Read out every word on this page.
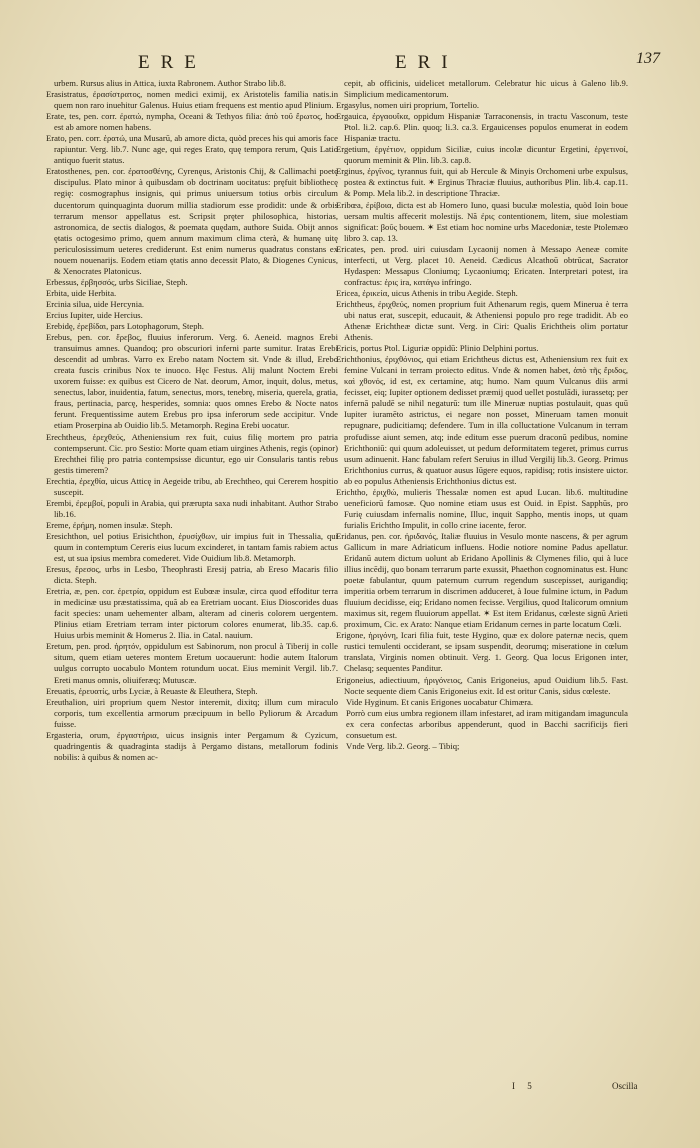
ERE	ERI	137

urbem. Rursus alius in Attica, iuxta Rabronem. Author Strabo lib.8.

Erasistratus, ἐρασίστρατος, nomen medici eximij, ex Aristotelis familia natis.in quem non raro inuehitur Galenus. Huius etiam frequens est mentio apud Plinium.

Erate, tes, pen. corr. ἐρατώ, nympha, Oceani & Tethyos filia: ἀπὸ τοῦ ἔρωτος, hoc est ab amore nomen habens.

Erato, pen. corr. ἐρατώ, una Musarū, ab amore dicta, quòd preces his qui amoris face rapiuntur. Verg. lib.7. Nunc age, qui reges Erato, quę tempora rerum, Quis Latio antiquo fuerit status.

Eratosthenes, pen. cor. ἐρατοσθένης, Cyrenęus, Aristonis Chij, & Callimachi poetę discipulus. Plato minor à quibusdam ob doctrinam uocitatus: pręfuit bibliothecę regię: cosmographus insignis, qui primus uniuersum totius orbis circulum ducentorum quinquaginta duorum millia stadiorum esse prodidit: unde & orbis terrarum mensor appellatus est. Scripsit pręter philosophica, historias, astronomica, de sectis dialogos, & poemata quędam, authore Suida. Obijt annos ętatis octogesimo primo, quem annum maximum clima cterà, & humanę uitę periculosissimum ueteres crediderunt. Est enim numerus quadratus constans ex nouem nouenarijs. Eodem etiam ętatis anno decessit Plato, & Diogenes Cynicus, & Xenocrates Platonicus.

Erbessus, ἐρβησσός, urbs Siciliae, Steph.

Erbita, uide Herbita.

Ercinia silua, uide Hercynia.

Ercius Iupiter, uide Hercius.

Erebidę, ἐρεβίδαι, pars Lotophagorum, Steph.

Erebus, pen. cor. ἔρεβος, fluuius inferorum. Verg. 6. Aeneid. magnos Erebi transuimus amnes. Quandoq; pro obscuriori inferni parte sumitur. Iratas Erebi descendit ad umbras. Varro ex Erebo natam Noctem sit. Vnde & illud, Erebo creata fuscis crinibus Nox te inuoco. Hęc Festus. Alij malunt Noctem Erebi uxorem fuisse: ex quibus est Cicero de Nat. deorum, Amor, inquit, dolus, metus, senectus, labor, inuidentia, fatum, senectus, mors, tenebrę, miseria, querela, gratia, fraus, pertinacia, parcę, hesperides, somnia: quos omnes Erebo & Nocte natos ferunt. Frequentissime autem Erebus pro ipsa inferorum sede accipitur. Vnde etiam Proserpina ab Ouidio lib.5. Metamorph. Regina Erebi uocatur.

Erechtheus, ἐρεχθεύς, Atheniensium rex fuit, cuius filię mortem pro patria contempserunt. Cic. pro Sestio: Morte quam etiam uirgines Athenis, regis (opinor) Erechthei filię pro patria contempsisse dicuntur, ego uir Consularis tantis rebus gestis timerem?

Erechtia, ἐρεχθία, uicus Atticę in Aegeide tribu, ab Erechtheo, qui Cererem hospitio suscepit.

Erembi, ἐρεμβοί, populi in Arabia, qui prærupta saxa nudi inhabitant. Author Strabo lib.16.

Ereme, ἐρήμη, nomen insulæ. Steph.

Eresichthon, uel potius Erisichthon, ἐρυσίχθων, uir impius fuit in Thessalia, qui quum in contemptum Cereris eius lucum excinderet, in tantam famis rabiem actus est, ut sua ipsius membra comederet. Vide Ouidium lib.8. Metamorph.

Eresus, ἔρεσος, urbs in Lesbo, Theophrasti Eresij patria, ab Ereso Macaris filio dicta. Steph.

Eretria, æ, pen. cor. ἐρετρία, oppidum est Eubœæ insulæ, circa quod effoditur terra in medicinæ usu præstatissima, quã ab ea Eretriam uocant. Eius Dioscorides duas facit species: unam uehementer albam, alteram ad cineris colorem uergentem. Plinius etiam Eretriam terram inter pictorum colores enumerat, lib.35. cap.6. Huius urbis meminit & Homerus 2. Ilia. in Catal. nauium.

Eretum, pen. prod. ἠρητόν, oppidulum est Sabinorum, non procul à Tiberij in colle situm, quem etiam ueteres montem Eretum uocauerunt: hodie autem Italorum uulgus corrupto uocabulo Montem rotundum uocat. Eius meminit Vergil. lib.7. Ereti manus omnis, oliuiferæq; Mutuscæ.

Ereuatis, ἐρευατίς, urbs Lyciæ, à Reuaste & Eleuthera, Steph.

Ereuthalion, uiri proprium quem Nestor interemit, dixitq; illum cum miraculo corporis, tum excellentia armorum præcipuum in bello Pyliorum & Arcadum fuisse.

Ergasteria, orum, ἐργαστήρια, uicus insignis inter Pergamum & Cyzicum, quadringentis & quadraginta stadijs à Pergamo distans, metallorum fodinis nobilis: à quibus & nomen ac-

cepit, ab officinis, uidelicet metallorum. Celebratur hic uicus à Galeno lib.9. Simplicium medicamentorum.

Ergasylus, nomen uiri proprium, Tortelio.

Ergauica, ἐργαουΐκα, oppidum Hispaniæ Tarraconensis, in tractu Vasconum, teste Ptol. li.2. cap.6. Plin. quoq; li.3. ca.3. Ergauicenses populos enumerat in eodem Hispaniæ tractu.

Ergetium, ἐργέτιον, oppidum Siciliæ, cuius incolæ dicuntur Ergetini, ἐργετινοί, quorum meminit & Plin. lib.3. cap.8.

Erginus, ἐργῖνος, tyrannus fuit, qui ab Hercule & Minyis Orchomeni urbe expulsus, postea & extinctus fuit. ✶ Erginus Thraciæ fluuius, authoribus Plin. lib.4. cap.11. & Pomp. Mela lib.2. in descriptione Thraciæ.

Eribœa, ἐρίβοια, dicta est ab Homero Iuno, quasi buculæ molestia, quòd Ioin boue uersam multis affecerit molestijs. Nã ἐρις contentionem, litem, siue molestiam significat: βοῦς bouem. ✶ Est etiam hoc nomine urbs Macedoniæ, teste Ptolemæo libro 3. cap. 13.

Ericates, pen. prod. uiri cuiusdam Lycaonij nomen à Messapo Aeneæ comite interfecti, ut Verg. placet 10. Aeneid. Cædicus Alcathoū obtrūcat, Sacrator Hydaspen: Messapus Cloniumq; Lycaoniumq; Ericaten. Interpretari potest, ira confractus: ἐρις ira, κατάγω infringo.

Ericea, ἐρικεία, uicus Athenis in tribu Aegide. Steph.

Erichtheus, ἐριχθεύς, nomen proprium fuit Athenarum regis, quem Minerua è terra ubi natus erat, suscepit, educauit, & Atheniensi populo pro rege tradidit. Ab eo Athenæ Erichtheæ dictæ sunt. Verg. in Ciri: Qualis Erichtheis olim portatur Athenis.

Ericis, portus Ptol. Liguriæ oppidū: Plinio Delphini portus.

Erichthonius, ἐριχθόνιος, qui etiam Erichtheus dictus est, Atheniensium rex fuit ex femine Vulcani in terram proiecto editus. Vnde & nomen habet, ἀπὸ τῆς ἔριδος, καὶ χθονός, id est, ex certamine, atq; humo. Nam quum Vulcanus diis armi fecisset, eiq; Iupiter optionem dedisset præmij quod uellet postulādi, iurassetq; per infernā paludē se nihil negaturū: tum ille Mineruæ nuptias postulauit, quas quū Iupiter iuramēto astrictus, ei negare non posset, Mineruam tamen monuit repugnare, pudicitiamq; defendere. Tum in illa colluctatione Vulcanum in terram profudisse aiunt semen, atq; inde editum esse puerum draconū pedibus, nomine Erichthoniū: qui quum adoleuisset, ut pedum deformitatem tegeret, primus currus usum adinuenit. Hanc fabulam refert Seruius in illud Vergilij lib.3. Georg. Primus Erichthonius currus, & quatuor ausus Iūgere equos, rapidisq; rotis insistere uictor. ab eo populus Atheniensis Erichthonius dictus est.

Erichtho, ἐριχθώ, mulieris Thessalæ nomen est apud Lucan. lib.6. multitudine ueneficiorū famosæ. Quo nomine etiam usus est Ouid. in Epist. Sapphūs, pro Furię cuiusdam infernalis nomine, Illuc, inquit Sappho, mentis inops, ut quam furialis Erichtho Impulit, in collo crine iacente, feror.

Eridanus, pen. cor. ἠριδανός, Italiæ fluuius in Vesulo monte nascens, & per agrum Gallicum in mare Adriaticum influens. Hodie notiore nomine Padus apellatur. Eridanū autem dictum uolunt ab Eridano Apollinis & Clymenes filio, qui à luce illius incēdij, quo bonam terrarum parte exussit, Phaethon cognominatus est. Hunc poetæ fabulantur, quum paternum currum regendum suscepisset, aurigandiq; imperitia orbem terrarum in discrimen adduceret, à Ioue fulmine ictum, in Padum fluuium decidisse, eiq; Eridano nomen fecisse. Vergilius, quod Italicorum omnium maximus sit, regem fluuiorum appellat. ✶ Est item Eridanus, cœleste signū Arieti proximum, Cic. ex Arato: Nanque etiam Eridanum cernes in parte locatum Cœli.

Erigone, ἠριγόνη, Icari filia fuit, teste Hygino, quæ ex dolore paternæ necis, quem rustici temulenti occiderant, se ipsam suspendit, deorumq; miseratione in cœlum translata, Virginis nomen obtinuit. Verg. 1. Georg. Qua locus Erigonen inter, Chelasq; sequentes Panditur.

Erigoneius, adiectiuum, ἠριγόνειος, Canis Erigoneius, apud Ouidium lib.5. Fast. Nocte sequente diem Canis Erigoneius exit. Id est oritur Canis, sidus cœleste.

Vide Hyginum. Et canis Erigones uocabatur Chimæra.

Porrò cum eius umbra regionem illam infestaret, ad iram mitigandam imaguncula ex cera confectas arboribus appenderunt, quod in Bacchi sacrificijs fieri consuetum est.

Vnde Verg. lib.2. Georg. – Tibiq;

I 5	Oscilla
